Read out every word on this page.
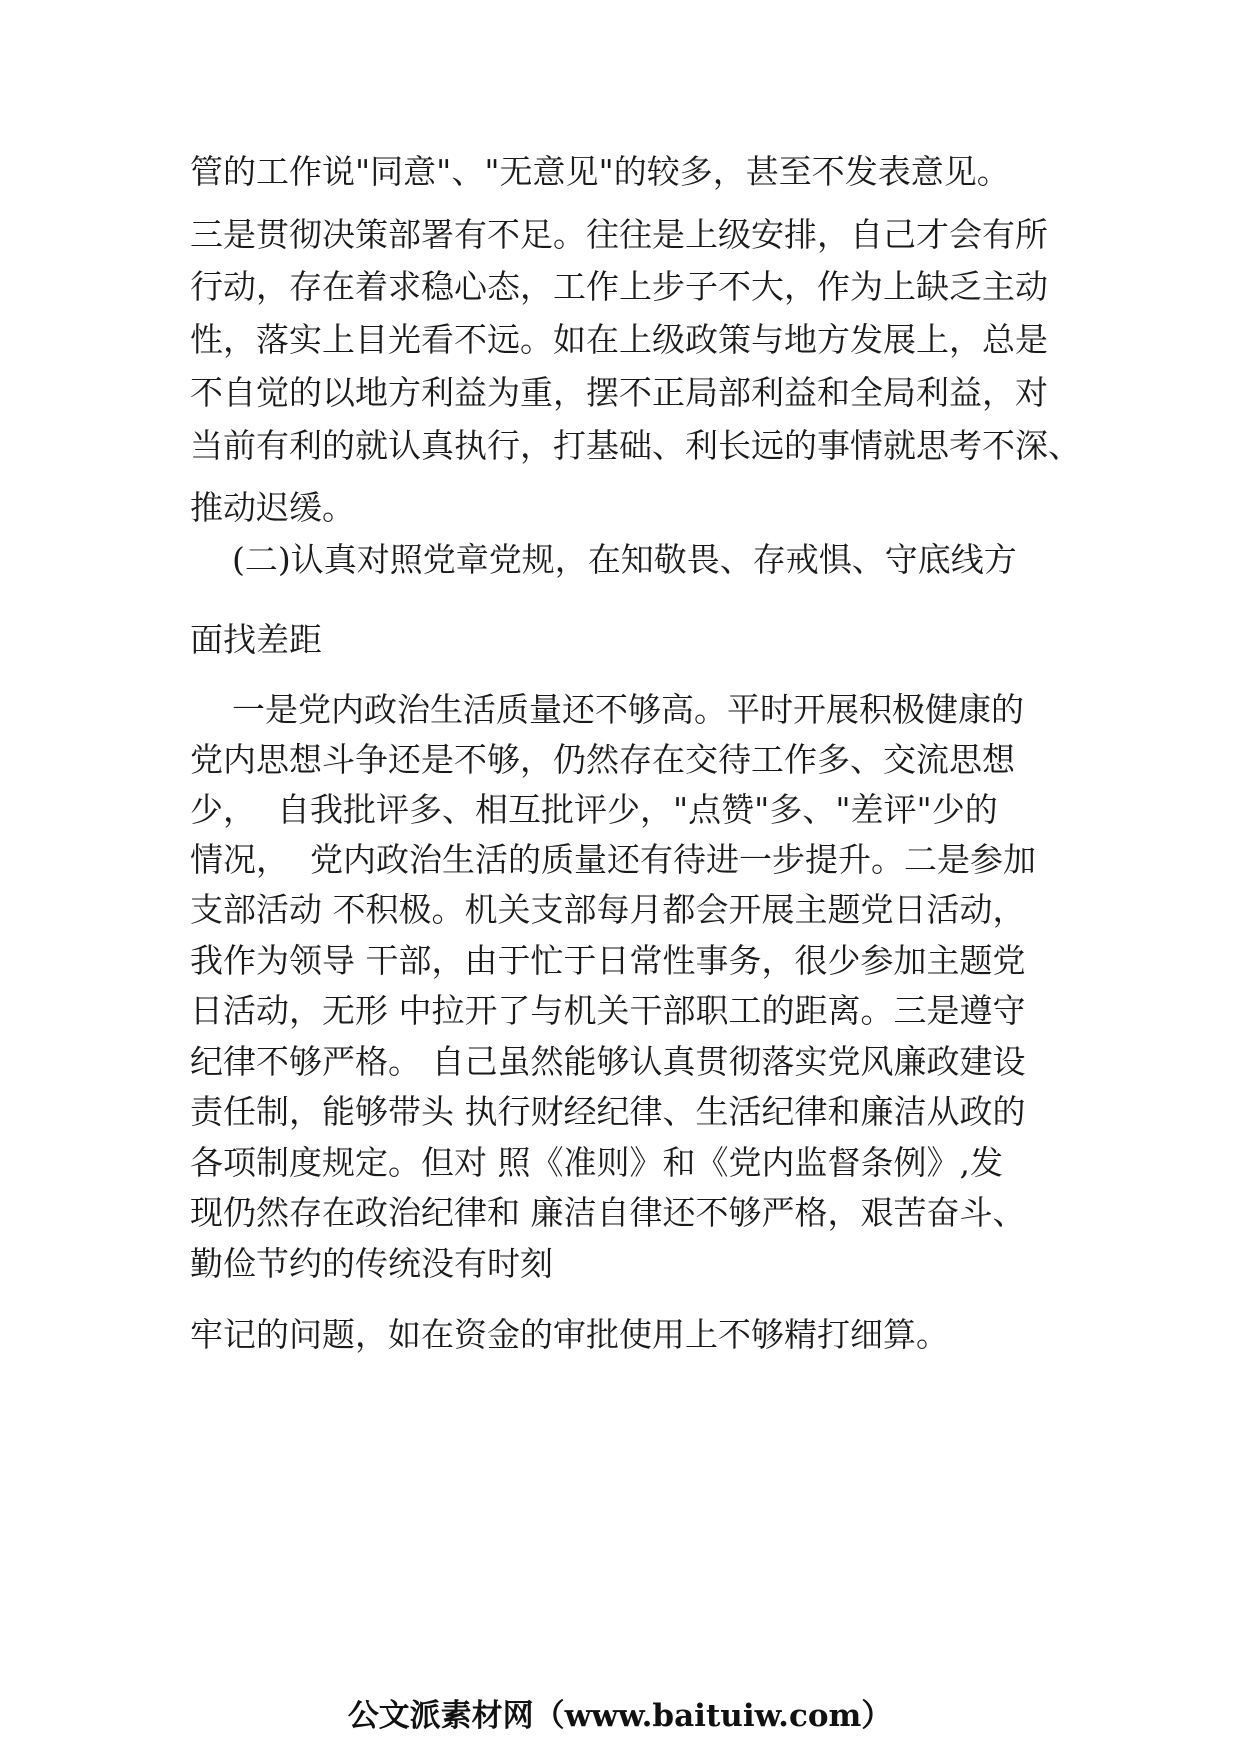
管的工作说"同意"、"无意见"的较多，甚至不发表意见。
三是贯彻决策部署有不足。往往是上级安排，自己才会有所
行动，存在着求稳心态，工作上步子不大，作为上缺乏主动
性，落实上目光看不远。如在上级政策与地方发展上，总是
不自觉的以地方利益为重，摆不正局部利益和全局利益，对
当前有利的就认真执行，打基础、利长远的事情就思考不深、
推动迟缓。
(二)认真对照党章党规，在知敬畏、存戒惧、守底线方
面找差距
一是党内政治生活质量还不够高。平时开展积极健康的
党内思想斗争还是不够，仍然存在交待工作多、交流思想
少，  自我批评多、相互批评少，"点赞"多、"差评"少的
情况，  党内政治生活的质量还有待进一步提升。二是参加
支部活动 不积极。机关支部每月都会开展主题党日活动，
我作为领导 干部，由于忙于日常性事务，很少参加主题党
日活动，无形 中拉开了与机关干部职工的距离。三是遵守
纪律不够严格。 自己虽然能够认真贯彻落实党风廉政建设
责任制，能够带头 执行财经纪律、生活纪律和廉洁从政的
各项制度规定。但对 照《准则》和《党内监督条例》,发
现仍然存在政治纪律和 廉洁自律还不够严格，艰苦奋斗、
勤俭节约的传统没有时刻
牢记的问题，如在资金的审批使用上不够精打细算。
公文派素材网（www.baituiw.com）
